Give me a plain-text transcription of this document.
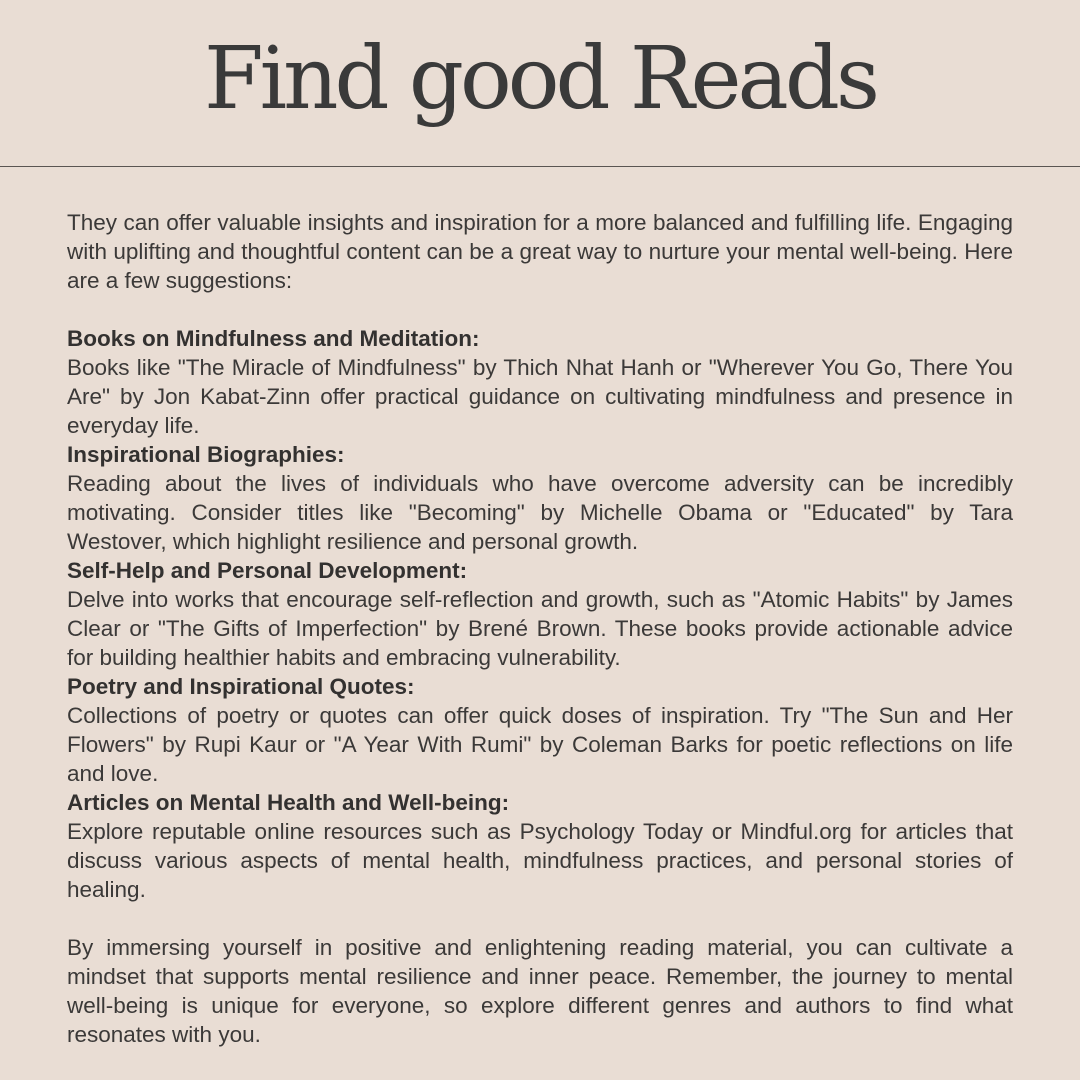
Find good Reads

They can offer valuable insights and inspiration for a more balanced and fulfilling life. Engaging with uplifting and thoughtful content can be a great way to nurture your mental well-being. Here are a few suggestions:

Books on Mindfulness and Meditation:

Books like "The Miracle of Mindfulness" by Thich Nhat Hanh or "Wherever You Go, There You Are" by Jon Kabat-Zinn offer practical guidance on cultivating mindfulness and presence in everyday life.

Inspirational Biographies:

Reading about the lives of individuals who have overcome adversity can be incredibly motivating. Consider titles like "Becoming" by Michelle Obama or "Educated" by Tara Westover, which highlight resilience and personal growth.

Self-Help and Personal Development:

Delve into works that encourage self-reflection and growth, such as "Atomic Habits" by James Clear or "The Gifts of Imperfection" by Brené Brown. These books provide actionable advice for building healthier habits and embracing vulnerability.

Poetry and Inspirational Quotes:

Collections of poetry or quotes can offer quick doses of inspiration. Try "The Sun and Her Flowers" by Rupi Kaur or "A Year With Rumi" by Coleman Barks for poetic reflections on life and love.

Articles on Mental Health and Well-being:

Explore reputable online resources such as Psychology Today or Mindful.org for articles that discuss various aspects of mental health, mindfulness practices, and personal stories of healing.

By immersing yourself in positive and enlightening reading material, you can cultivate a mindset that supports mental resilience and inner peace. Remember, the journey to mental well-being is unique for everyone, so explore different genres and authors to find what resonates with you.
